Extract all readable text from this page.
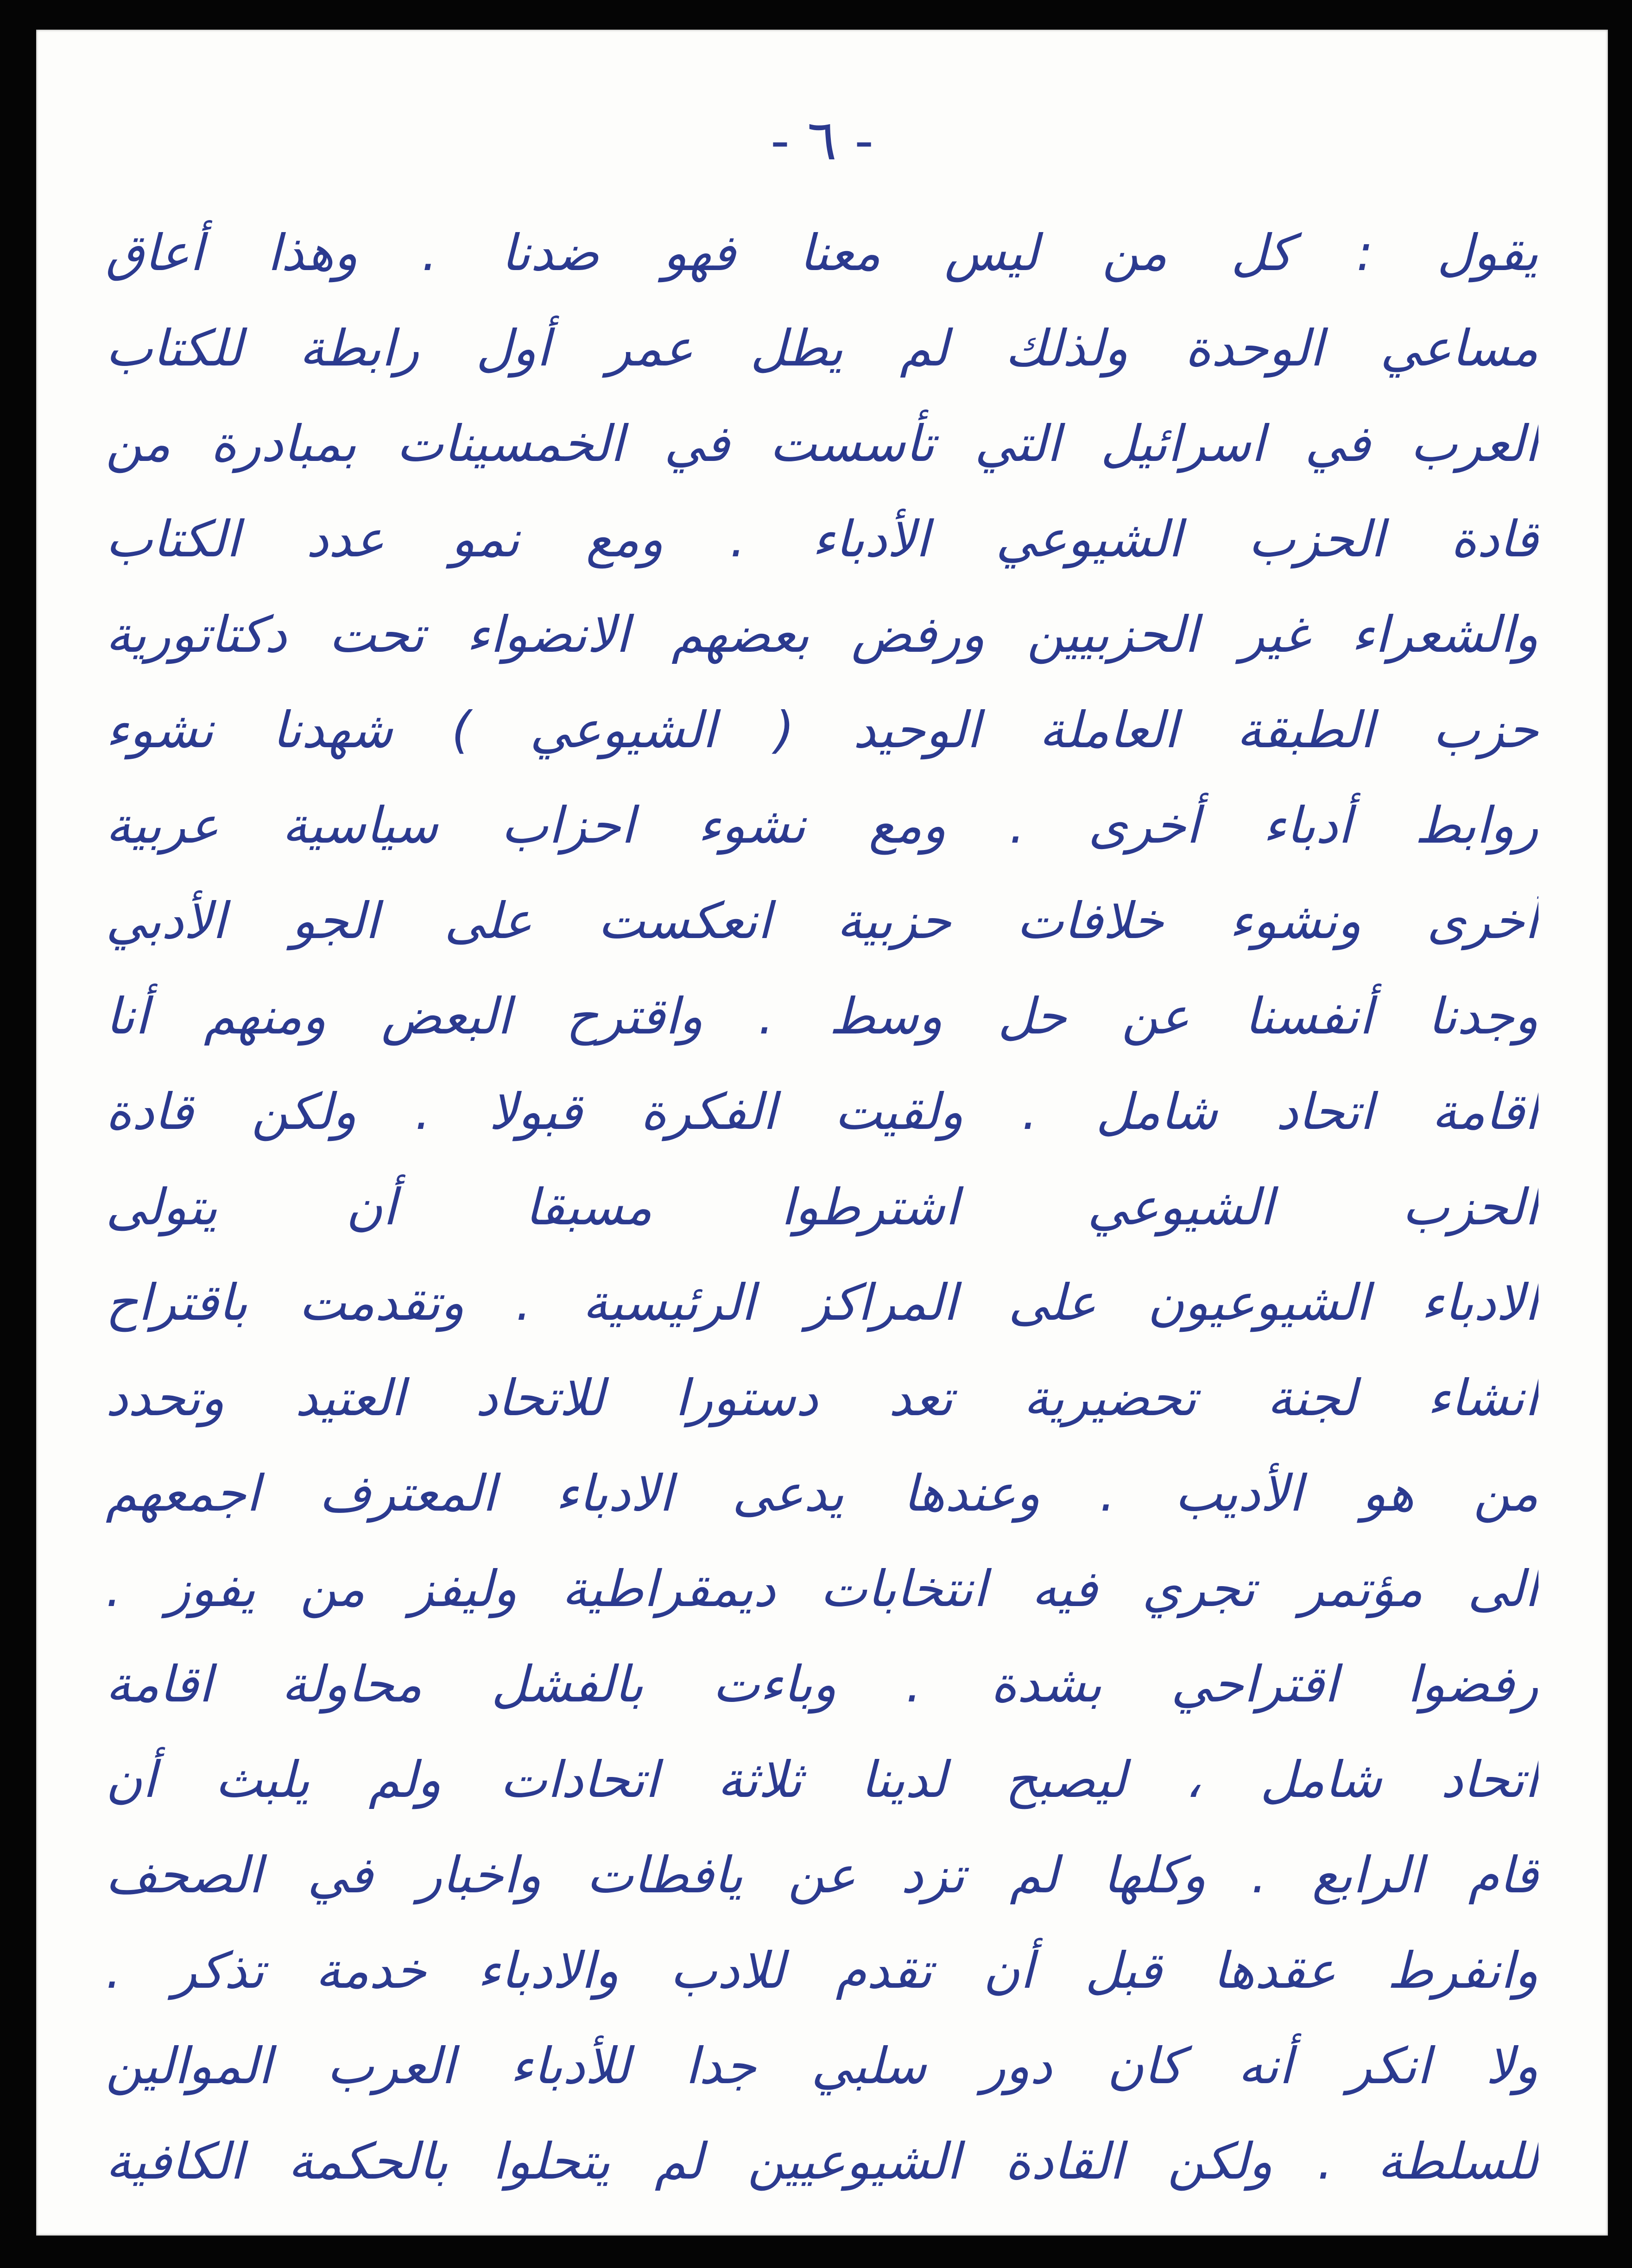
- ٦ -
يقول : كل من ليس معنا فهو ضدنا . وهذا أعاق
مساعي الوحدة ولذلك لم يطل عمر أول رابطة للكتاب
العرب في اسرائيل التي تأسست في الخمسينات بمبادرة من
قادة الحزب الشيوعي الأدباء . ومع نمو عدد الكتاب
والشعراء غير الحزبيين ورفض بعضهم الانضواء تحت دكتاتورية
حزب الطبقة العاملة الوحيد ( الشيوعي ) شهدنا نشوء
روابط أدباء أخرى . ومع نشوء احزاب سياسية عربية
أخرى ونشوء خلافات حزبية انعكست على الجو الأدبي
وجدنا أنفسنا عن حل وسط . واقترح البعض ومنهم أنا
اقامة اتحاد شامل . ولقيت الفكرة قبولا . ولكن قادة
الحزب الشيوعي اشترطوا مسبقا أن يتولى
الادباء الشيوعيون على المراكز الرئيسية . وتقدمت باقتراح
انشاء لجنة تحضيرية تعد دستورا للاتحاد العتيد وتحدد
من هو الأديب . وعندها يدعى الادباء المعترف اجمعهم
الى مؤتمر تجري فيه انتخابات ديمقراطية وليفز من يفوز .
رفضوا اقتراحي بشدة . وباءت بالفشل محاولة اقامة
اتحاد شامل ، ليصبح لدينا ثلاثة اتحادات ولم يلبث أن
قام الرابع . وكلها لم تزد عن يافطات واخبار في الصحف
وانفرط عقدها قبل أن تقدم للادب والادباء خدمة تذكر .
ولا انكر أنه كان دور سلبي جدا للأدباء العرب الموالين
للسلطة . ولكن القادة الشيوعيين لم يتحلوا بالحكمة الكافية
